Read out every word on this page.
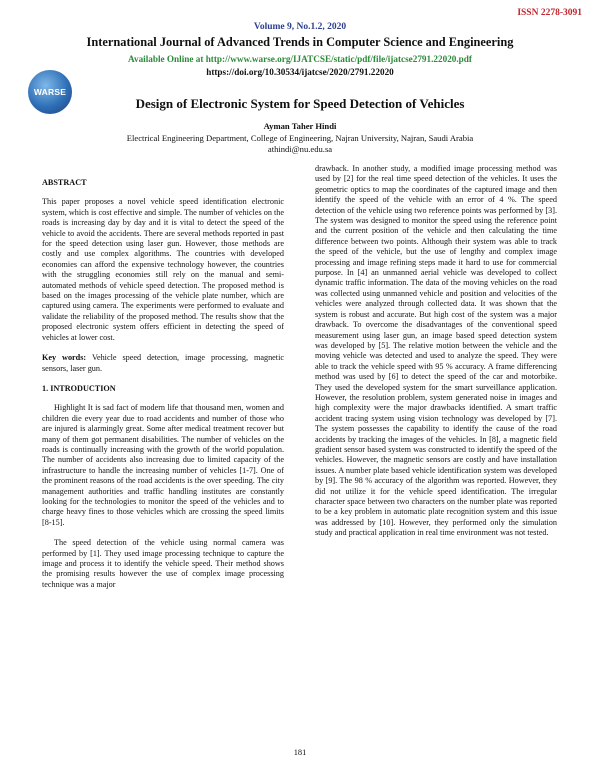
ISSN 2278-3091
Volume 9, No.1.2, 2020
International Journal of Advanced Trends in Computer Science and Engineering
Available Online at http://www.warse.org/IJATCSE/static/pdf/file/ijatcse2791.22020.pdf
https://doi.org/10.30534/ijatcse/2020/2791.22020
WARSE
Design of Electronic System for Speed Detection of Vehicles
Ayman Taher Hindi
Electrical Engineering Department, College of Engineering, Najran University, Najran, Saudi Arabia
athindi@nu.edu.sa
ABSTRACT

This paper proposes a novel vehicle speed identification electronic system, which is cost effective and simple. The number of vehicles on the roads is increasing day by day and it is vital to detect the speed of the vehicle to avoid the accidents. There are several methods reported in past for the speed detection using laser gun. However, those methods are costly and use complex algorithms. The countries with developed economies can afford the expensive technology however, the countries with the struggling economies still rely on the manual and semi-automated methods of vehicle speed detection. The proposed method is based on the images processing of the vehicle plate number, which are captured using camera. The experiments were performed to evaluate and validate the reliability of the proposed method. The results show that the proposed electronic system offers efficient in detecting the speed of vehicles at lower cost.

Key words: Vehicle speed detection, image processing, magnetic sensors, laser gun.

1. INTRODUCTION

Highlight It is sad fact of modern life that thousand men, women and children die every year due to road accidents and number of those who are injured is alarmingly great. Some after medical treatment recover but many of them got permanent disabilities. The number of vehicles on the roads is continually increasing with the growth of the world population. The number of accidents also increasing due to limited capacity of the infrastructure to handle the increasing number of vehicles [1-7]. One of the prominent reasons of the road accidents is the over speeding. The city management authorities and traffic handling institutes are constantly looking for the technologies to monitor the speed of the vehicles and to charge heavy fines to those vehicles which are crossing the speed limits [8-15].

The speed detection of the vehicle using normal camera was performed by [1]. They used image processing technique to capture the image and process it to identify the vehicle speed. Their method shows the promising results however the use of complex image processing technique was a major

drawback. In another study, a modified image processing method was used by [2] for the real time speed detection of the vehicles. It uses the geometric optics to map the coordinates of the captured image and then identify the speed of the vehicle with an error of 4 %. The speed detection of the vehicle using two reference points was performed by [3]. The system was designed to monitor the speed using the reference point and the current position of the vehicle and then calculating the time difference between two points. Although their system was able to track the speed of the vehicle, but the use of lengthy and complex image processing and image refining steps made it hard to use for commercial purpose. In [4] an unmanned aerial vehicle was developed to collect dynamic traffic information. The data of the moving vehicles on the road was collected using unmanned vehicle and position and velocities of the vehicles were analyzed through collected data. It was shown that the system is robust and accurate. But high cost of the system was a major drawback. To overcome the disadvantages of the conventional speed measurement using laser gun, an image based speed detection system was developed by [5]. The relative motion between the vehicle and the moving vehicle was detected and used to analyze the speed. They were able to track the vehicle speed with 95 % accuracy. A frame differencing method was used by [6] to detect the speed of the car and motorbike. They used the developed system for the smart surveillance application. However, the resolution problem, system generated noise in images and high complexity were the major drawbacks identified. A smart traffic accident tracing system using vision technology was developed by [7]. The system possesses the capability to identify the cause of the road accidents by tracking the images of the vehicles. In [8], a magnetic field gradient sensor based system was constructed to identify the speed of the vehicles. However, the magnetic sensors are costly and have installation issues. A number plate based vehicle identification system was developed by [9]. The 98 % accuracy of the algorithm was reported. However, they did not utilize it for the vehicle speed identification. The irregular character space between two characters on the number plate was reported to be a key problem in automatic plate recognition system and this issue was addressed by [10]. However, they performed only the simulation study and practical application in real time environment was not tested.

181
